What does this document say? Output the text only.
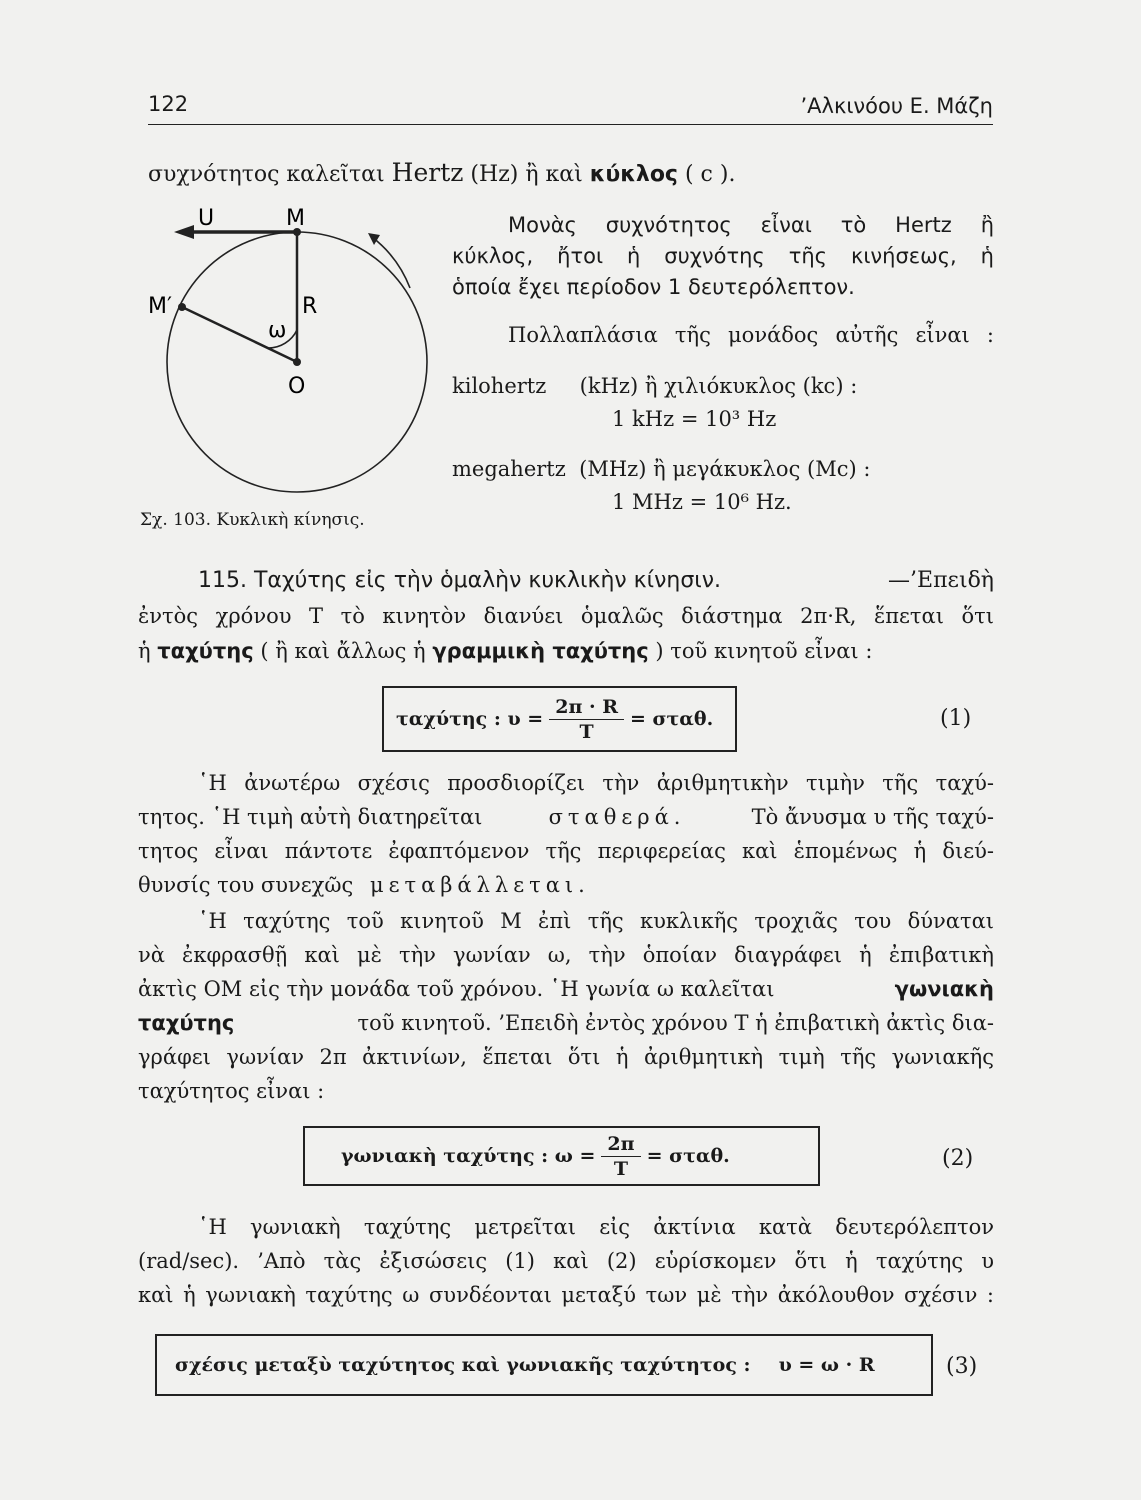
122	’Αλκινόου Ε. Μάζη
συχνότητος καλεῖται Hertz (Hz) ἢ καὶ κύκλος ( c ).
U	M
M′	R
ω
O
Σχ. 103. Κυκλικὴ κίνησις.
Μονὰς συχνότητος εἶναι τὸ Hertz ἢ
κύκλος, ἤτοι ἡ συχνότης τῆς κινήσεως, ἡ
ὁποία ἔχει περίοδον 1 δευτερόλεπτον.
Πολλαπλάσια τῆς μονάδος αὐτῆς εἶναι :
kilohertz     (kHz) ἢ χιλιόκυκλος (kc) :
1 kHz = 10³ Hz
megahertz  (MHz) ἢ μεγάκυκλος (Mc) :
1 MHz = 10⁶ Hz.
115. Ταχύτης εἰς τὴν ὁμαλὴν κυκλικὴν κίνησιν.	—’Επειδὴ
ἐντὸς χρόνου T τὸ κινητὸν διανύει ὁμαλῶς διάστημα 2π·R, ἕπεται ὅτι
ἡ ταχύτης ( ἢ καὶ ἄλλως ἡ γραμμικὴ ταχύτης ) τοῦ κινητοῦ εἶναι :
ταχύτης : $\upsilon = \frac{2\pi \cdot R}{T} = \sigma\tau\alpha\theta$.	(1)
῾Η ἀνωτέρω σχέσις προσδιορίζει τὴν ἀριθμητικὴν τιμὴν τῆς ταχύ-
τητος. ῾Η τιμὴ αὐτὴ διατηρεῖται	σταθερά.	Τὸ ἄνυσμα υ τῆς ταχύ-
τητος εἶναι πάντοτε ἐφαπτόμενον τῆς περιφερείας καὶ ἑπομένως ἡ διεύ-
θυνσίς του συνεχῶς μεταβάλλεται.
῾Η ταχύτης τοῦ κινητοῦ M ἐπὶ τῆς κυκλικῆς τροχιᾶς του δύναται
νὰ ἐκφρασθῇ καὶ μὲ τὴν γωνίαν ω, τὴν ὁποίαν διαγράφει ἡ ἐπιβατικὴ
ἀκτὶς OM εἰς τὴν μονάδα τοῦ χρόνου. ῾Η γωνία ω καλεῖται	γωνιακὴ
ταχύτης	τοῦ κινητοῦ. ’Επειδὴ ἐντὸς χρόνου T ἡ ἐπιβατικὴ ἀκτὶς δια-
γράφει γωνίαν 2π ἀκτινίων, ἕπεται ὅτι ἡ ἀριθμητικὴ τιμὴ τῆς γωνιακῆς
ταχύτητος εἶναι :
γωνιακὴ ταχύτης : $\omega = \frac{2\pi}{T} = \sigma\tau\alpha\theta$.	(2)
῾Η γωνιακὴ ταχύτης μετρεῖται εἰς ἀκτίνια κατὰ δευτερόλεπτον
(rad/sec). ’Απὸ τὰς ἐξισώσεις (1) καὶ (2) εὑρίσκομεν ὅτι ἡ ταχύτης υ
καὶ ἡ γωνιακὴ ταχύτης ω συνδέονται μεταξύ των μὲ τὴν ἀκόλουθον σχέσιν :
σχέσις μεταξὺ ταχύτητος καὶ γωνιακῆς ταχύτητος : υ = ω · R	(3)
